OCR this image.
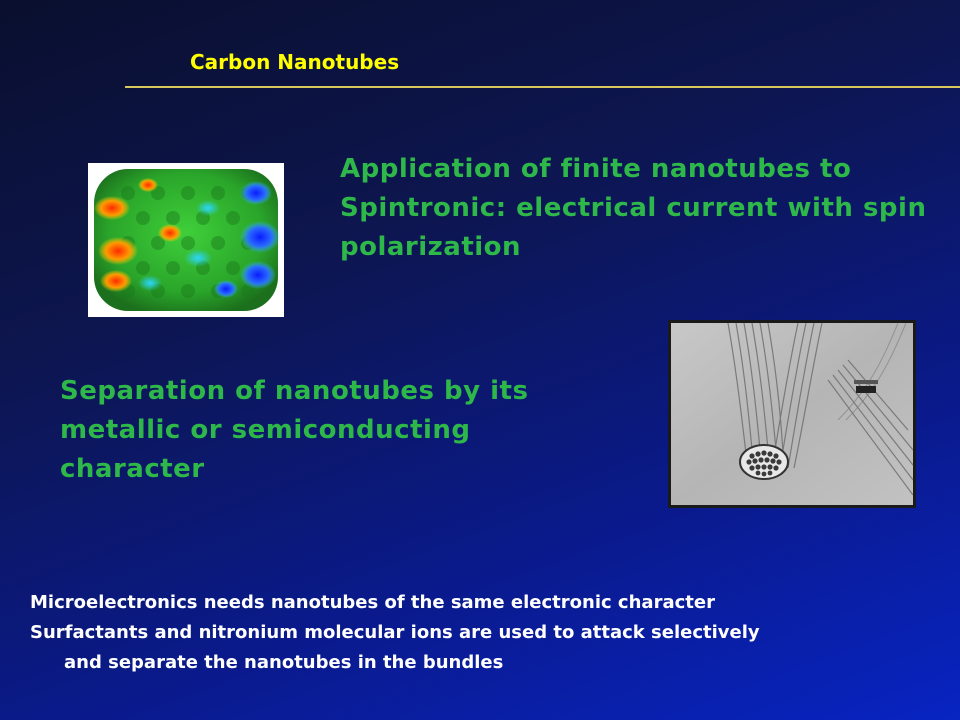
Carbon Nanotubes
Application of finite nanotubes to Spintronic: electrical current with spin polarization
Separation of nanotubes by its metallic or semiconducting character
Microelectronics needs nanotubes of the same electronic character
Surfactants and nitronium molecular ions are used to attack selectively
and separate the nanotubes in the bundles
